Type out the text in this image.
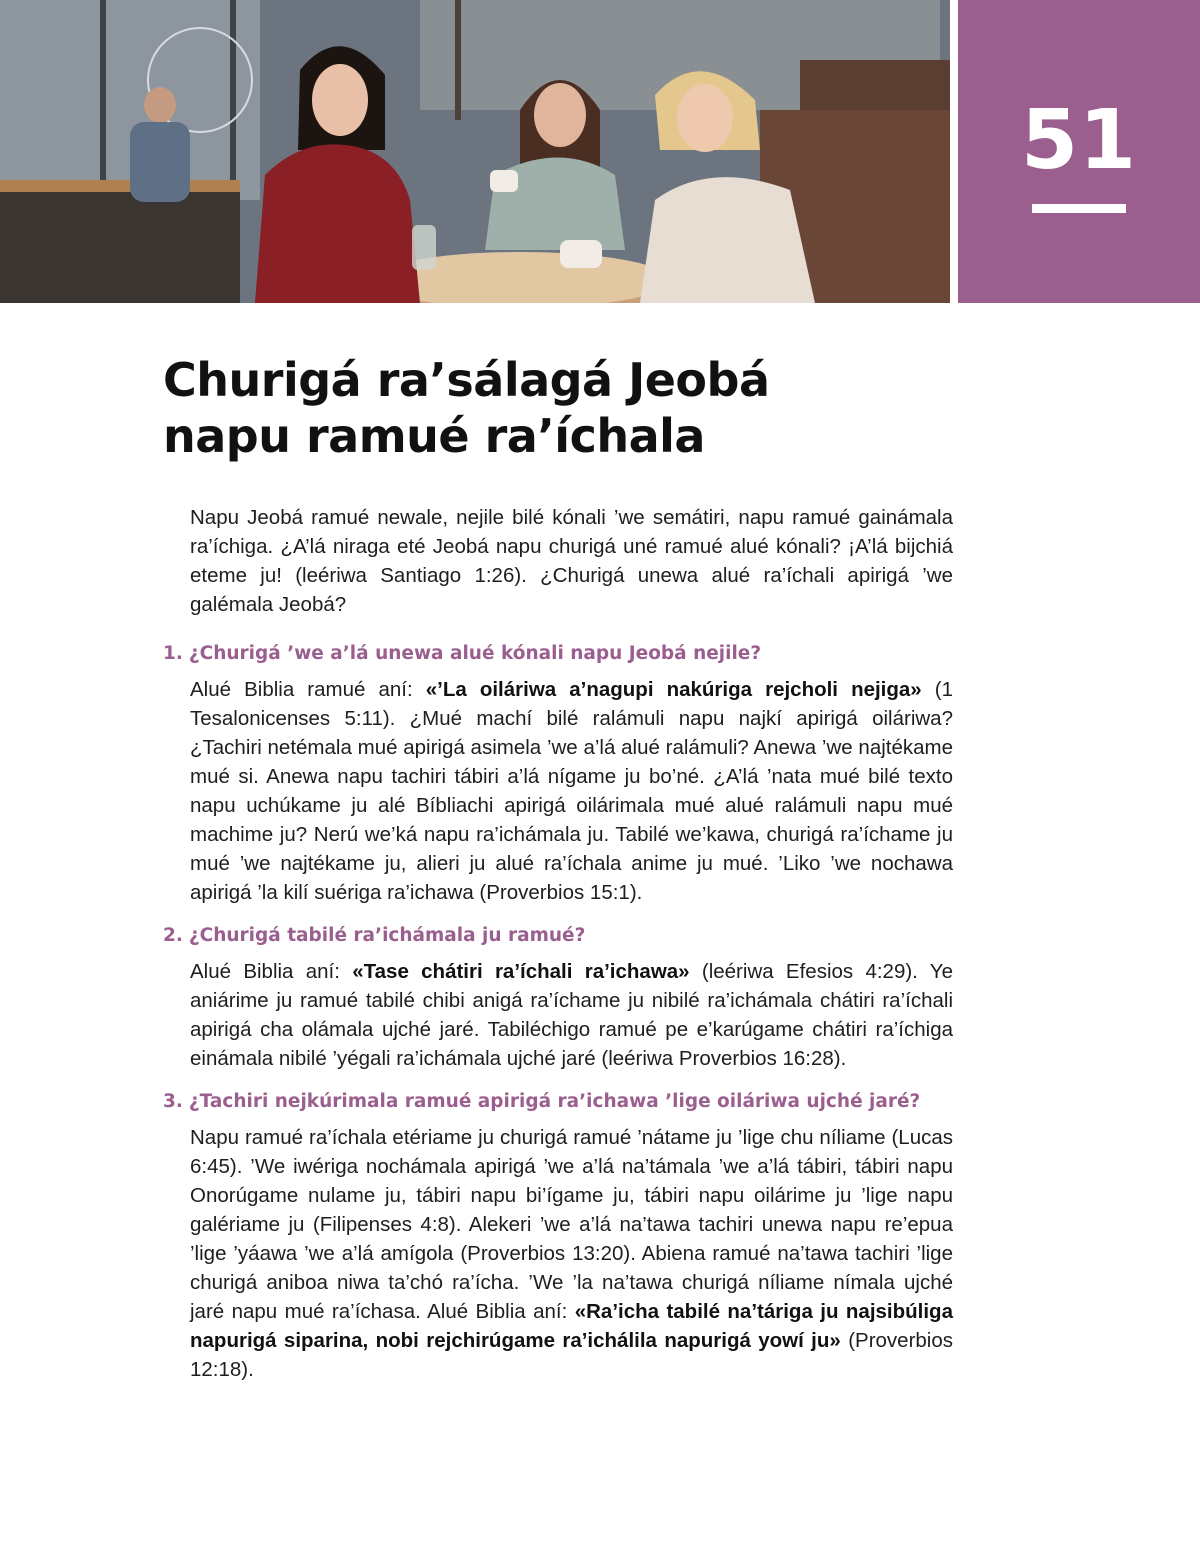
51
Churigá ra’sálagá Jeobá
napu ramué ra’íchala

Napu Jeobá ramué newale, nejile bilé kónali ’we semátiri, napu ramué gainámala ra’íchiga. ¿A’lá niraga eté Jeobá napu churigá uné ramué alué kónali? ¡A’lá bijchiá eteme ju! (leériwa Santiago 1:26). ¿Churigá unewa alué ra’íchali apirigá ’we galémala Jeobá?

1. ¿Churigá ’we a’lá unewa alué kónali napu Jeobá nejile?

Alué Biblia ramué aní: «’La oiláriwa a’nagupi nakúriga rejcholi nejiga» (1 Tesalonicenses 5:11). ¿Mué machí bilé ralámuli napu najkí apirigá oiláriwa? ¿Tachiri netémala mué apirigá asimela ’we a’lá alué ralámuli? Anewa ’we najtékame mué si. Anewa napu tachiri tábiri a’lá nígame ju bo’né. ¿A’lá ’nata mué bilé texto napu uchúkame ju alé Bíbliachi apirigá oilárimala mué alué ralámuli napu mué machime ju? Nerú we’ká napu ra’ichámala ju. Tabilé we’kawa, churigá ra’íchame ju mué ’we najtékame ju, alieri ju alué ra’íchala anime ju mué. ’Liko ’we nochawa apirigá ’la kilí suériga ra’ichawa (Proverbios 15:1).

2. ¿Churigá tabilé ra’ichámala ju ramué?

Alué Biblia aní: «Tase chátiri ra’íchali ra’ichawa» (leériwa Efesios 4:29). Ye aniárime ju ramué tabilé chibi anigá ra’íchame ju nibilé ra’ichámala chátiri ra’íchali apirigá cha olámala ujché jaré. Tabiléchigo ramué pe e’karúgame chátiri ra’íchiga einámala nibilé ’yégali ra’ichámala ujché jaré (leériwa Proverbios 16:28).

3. ¿Tachiri nejkúrimala ramué apirigá ra’ichawa ’lige oiláriwa ujché jaré?

Napu ramué ra’íchala etériame ju churigá ramué ’nátame ju ’lige chu níliame (Lucas 6:45). ’We iwériga nochámala apirigá ’we a’lá na’támala ’we a’lá tábiri, tábiri napu Onorúgame nulame ju, tábiri napu bi’ígame ju, tábiri napu oilárime ju ’lige napu galériame ju (Filipenses 4:8). Alekeri ’we a’lá na’tawa tachiri unewa napu re’epua ’lige ’yáawa ’we a’lá amígola (Proverbios 13:20). Abiena ramué na’tawa tachiri ’lige churigá aniboa niwa ta’chó ra’ícha. ’We ’la na’tawa churigá níliame nímala ujché jaré napu mué ra’íchasa. Alué Biblia aní: «Ra’icha tabilé na’táriga ju najsibúliga napurigá siparina, nobi rejchirúgame ra’ichálila napurigá yowí ju» (Proverbios 12:18).
